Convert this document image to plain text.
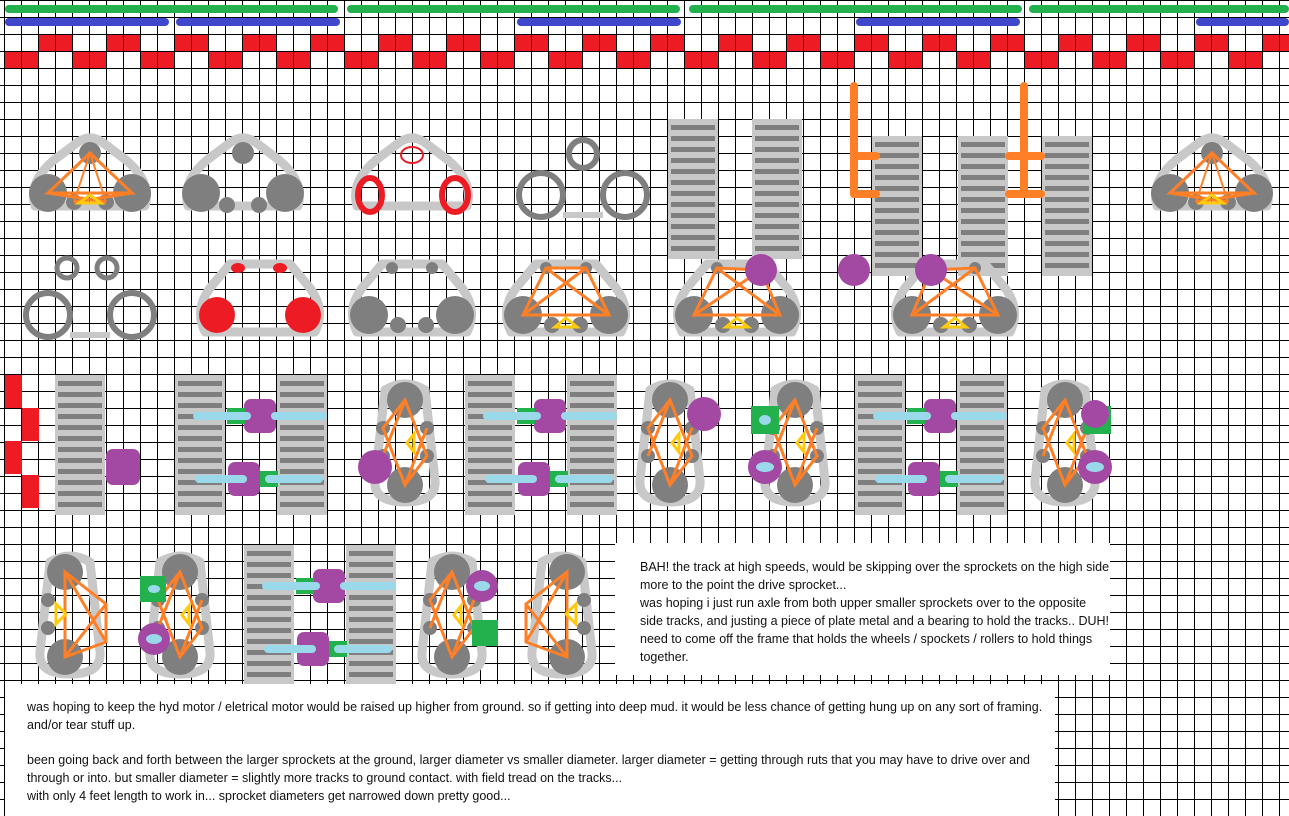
BAH! the track at high speeds, would be skipping over the sprockets on the high side more to the point the drive sprocket...

was hoping i just run axle from both upper smaller sprockets over to the opposite side tracks, and justing a piece of plate metal and a bearing to hold the tracks.. DUH! need to come off the frame that holds the wheels / spockets / rollers to hold things together.

was hoping to keep the hyd motor / eletrical motor would be raised up higher from ground. so if getting into deep mud. it would be less chance of getting hung up on any sort of framing. and/or tear stuff up.

been going back and forth between the larger sprockets at the ground, larger diameter vs smaller diameter. larger diameter = getting through ruts that you may have to drive over and through or into. but smaller diameter = slightly more tracks to ground contact. with field tread on the tracks...

with only 4 feet length to work in... sprocket diameters get narrowed down pretty good...
